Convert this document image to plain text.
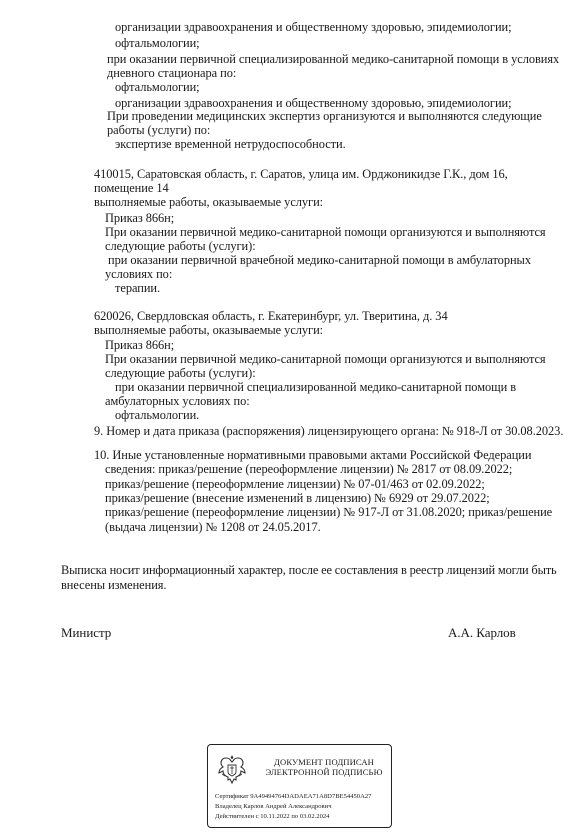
организации здравоохранения и общественному здоровью, эпидемиологии;
офтальмологии;
при оказании первичной специализированной медико-санитарной помощи в условиях
дневного стационара по:
офтальмологии;
организации здравоохранения и общественному здоровью, эпидемиологии;
При проведении медицинских экспертиз организуются и выполняются следующие
работы (услуги) по:
экспертизе временной нетрудоспособности.
410015, Саратовская область, г. Саратов, улица им. Орджоникидзе Г.К., дом 16,
помещение 14
выполняемые работы, оказываемые услуги:
Приказ 866н;
При оказании первичной медико-санитарной помощи организуются и выполняются
следующие работы (услуги):
при оказании первичной врачебной медико-санитарной помощи в амбулаторных
условиях по:
терапии.
620026, Свердловская область, г. Екатеринбург, ул. Тверитина, д. 34
выполняемые работы, оказываемые услуги:
Приказ 866н;
При оказании первичной медико-санитарной помощи организуются и выполняются
следующие работы (услуги):
при оказании первичной специализированной медико-санитарной помощи в
амбулаторных условиях по:
офтальмологии.
9. Номер и дата приказа (распоряжения) лицензирующего органа: № 918-Л от 30.08.2023.
10. Иные установленные нормативными правовыми актами Российской Федерации
сведения: приказ/решение (переоформление лицензии) № 2817 от 08.09.2022;
приказ/решение (переоформление лицензии) № 07-01/463 от 02.09.2022;
приказ/решение (внесение изменений в лицензию) № 6929 от 29.07.2022;
приказ/решение (переоформление лицензии) № 917-Л от 31.08.2020; приказ/решение
(выдача лицензии) № 1208 от 24.05.2017.
Выписка носит информационный характер, после ее составления в реестр лицензий могли быть
внесены изменения.
Министр	А.А. Карлов
ДОКУМЕНТ ПОДПИСАН
ЭЛЕКТРОННОЙ ПОДПИСЬЮ
Сертификат 9A49494764DADAEA71A8D7BE54450A27
Владелец Карлов Андрей Александрович
Действителен с 10.11.2022 по 03.02.2024
